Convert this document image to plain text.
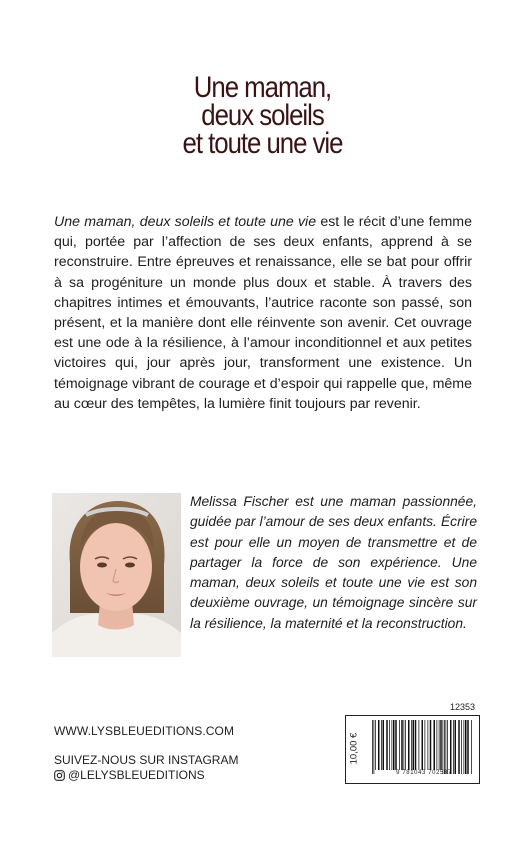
Une maman,
deux soleils
et toute une vie

Une maman, deux soleils et toute une vie est le récit d’une femme qui, portée par l’affection de ses deux enfants, apprend à se reconstruire. Entre épreuves et renaissance, elle se bat pour offrir à sa progéniture un monde plus doux et stable. À travers des chapitres intimes et émouvants, l’autrice raconte son passé, son présent, et la manière dont elle réinvente son avenir. Cet ouvrage est une ode à la résilience, à l’amour inconditionnel et aux petites victoires qui, jour après jour, transforment une existence. Un témoignage vibrant de courage et d’espoir qui rappelle que, même au cœur des tempêtes, la lumière finit toujours par revenir.

Melissa Fischer est une maman passionnée, guidée par l’amour de ses deux enfants. Écrire est pour elle un moyen de transmettre et de partager la force de son expérience. Une maman, deux soleils et toute une vie est son deuxième ouvrage, un témoignage sincère sur la résilience, la maternité et la reconstruction.

WWW.LYSBLEUEDITIONS.COM
SUIVEZ-NOUS SUR INSTAGRAM
@LELYSBLEUEDITIONS
12353
10,00 €
9 781043 702587
